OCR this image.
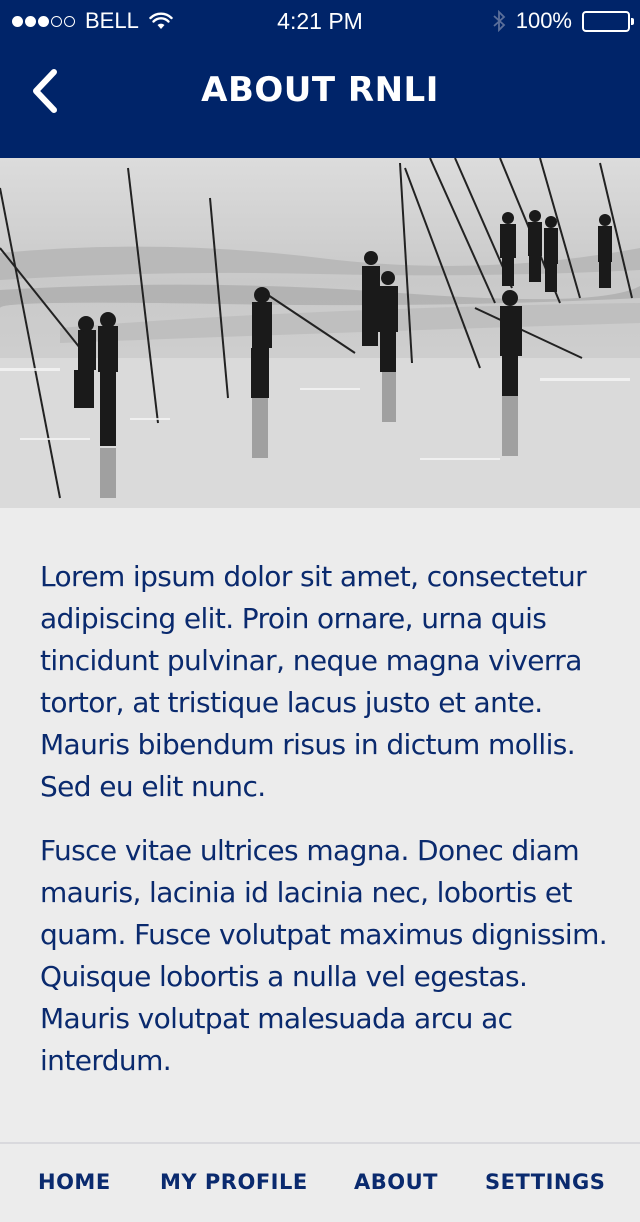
BELL	4:21 PM	100%
ABOUT RNLI

Lorem ipsum dolor sit amet, consectetur adipiscing elit. Proin ornare, urna quis tincidunt pulvinar, neque magna viverra tortor, at tristique lacus justo et ante. Mauris bibendum risus in dictum mollis. Sed eu elit nunc.

Fusce vitae ultrices magna. Donec diam mauris, lacinia id lacinia nec, lobortis et quam. Fusce volutpat maximus dignissim. Quisque lobortis a nulla vel egestas. Mauris volutpat malesuada arcu ac interdum.

HOME MY PROFILE ABOUT SETTINGS
